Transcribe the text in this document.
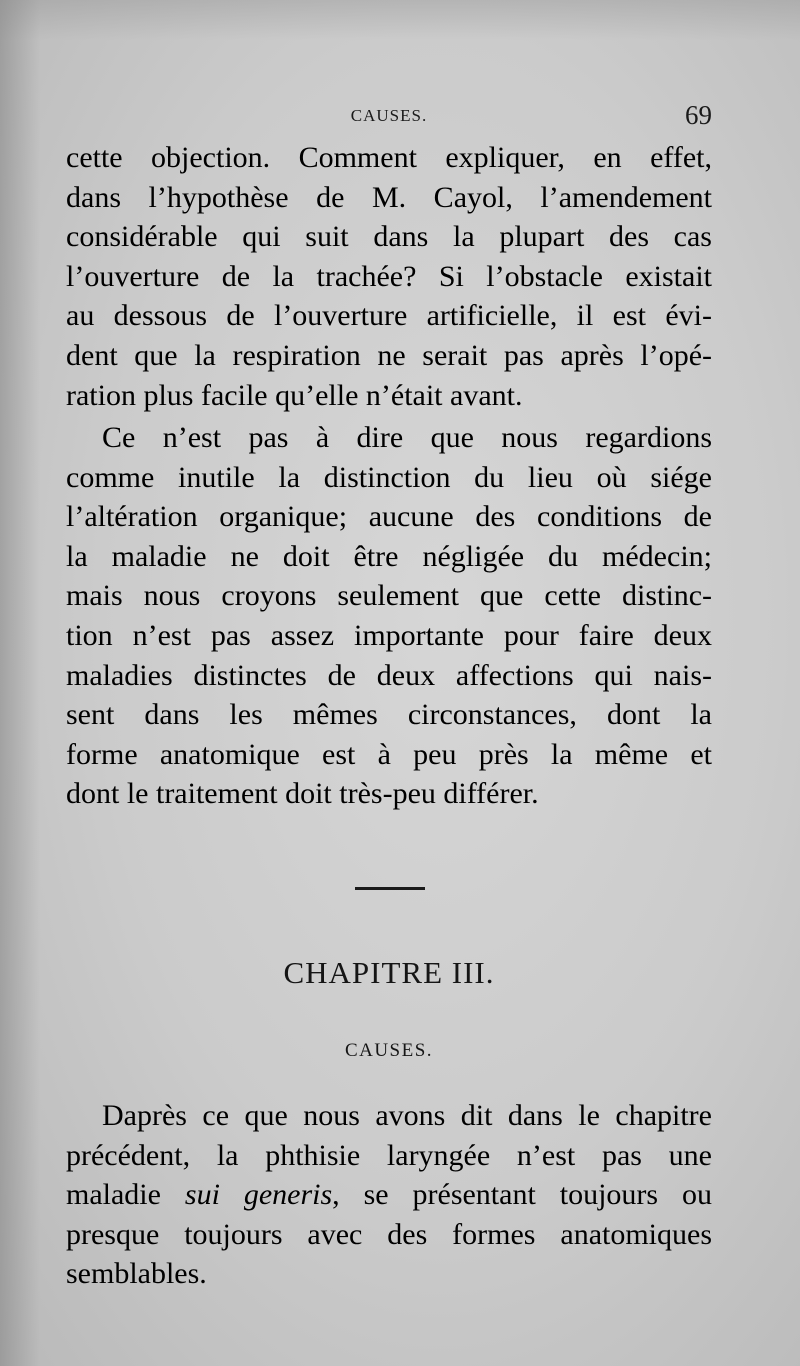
CAUSES.	69
cette objection. Comment expliquer, en effet,
dans l’hypothèse de M. Cayol, l’amendement
considérable qui suit dans la plupart des cas
l’ouverture de la trachée? Si l’obstacle existait
au dessous de l’ouverture artificielle, il est évi-
dent que la respiration ne serait pas après l’opé-
ration plus facile qu’elle n’était avant.
Ce n’est pas à dire que nous regardions
comme inutile la distinction du lieu où siége
l’altération organique; aucune des conditions de
la maladie ne doit être négligée du médecin;
mais nous croyons seulement que cette distinc-
tion n’est pas assez importante pour faire deux
maladies distinctes de deux affections qui nais-
sent dans les mêmes circonstances, dont la
forme anatomique est à peu près la même et
dont le traitement doit très-peu différer.
CHAPITRE III.
CAUSES.
Daprès ce que nous avons dit dans le chapitre
précédent, la phthisie laryngée n’est pas une
maladie sui generis, se présentant toujours ou
presque toujours avec des formes anatomiques
semblables.
